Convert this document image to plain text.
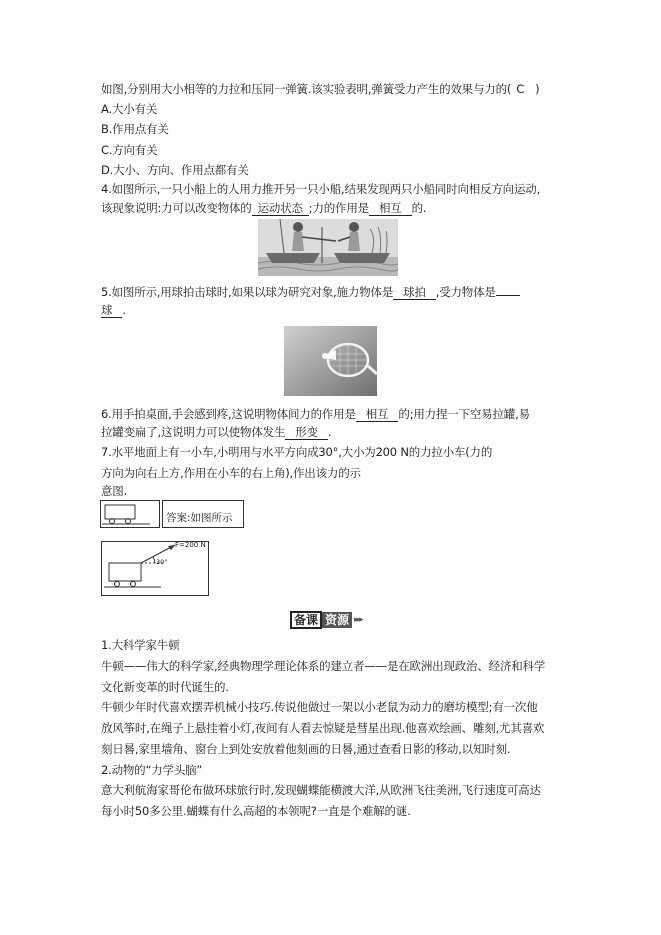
如图,分别用大小相等的力拉和压同一弹簧.该实验表明,弹簧受力产生的效果与力的( C )
A.大小有关
B.作用点有关
C.方向有关
D.大小、方向、作用点都有关
4.如图所示,一只小船上的人用力推开另一只小船,结果发现两只小船同时向相反方向运动,
该现象说明:力可以改变物体的 运动状态 ;力的作用是 相互 的.
5.如图所示,用球拍击球时,如果以球为研究对象,施力物体是 球拍 ,受力物体是
球 .
6.用手拍桌面,手会感到疼,这说明物体间力的作用是 相互 的;用力捏一下空易拉罐,易
拉罐变扁了,这说明力可以使物体发生 形变 .
7.水平地面上有一小车,小明用与水平方向成30°,大小为200 N的力拉小车(力的
方向为向右上方,作用在小车的右上角),作出该力的示
意图.
答案:如图所示
F=200 N
30°
备课 资源 ▸▸▸
1.大科学家牛顿
牛顿——伟大的科学家,经典物理学理论体系的建立者——是在欧洲出现政治、经济和科学
文化新变革的时代诞生的.
牛顿少年时代喜欢摆弄机械小技巧.传说他做过一架以小老鼠为动力的磨坊模型;有一次他
放风筝时,在绳子上悬挂着小灯,夜间有人看去惊疑是彗星出现.他喜欢绘画、雕刻,尤其喜欢
刻日晷,家里墙角、窗台上到处安放着他刻画的日晷,通过查看日影的移动,以知时刻.
2.动物的“力学头脑”
意大利航海家哥伦布做环球旅行时,发现蝴蝶能横渡大洋,从欧洲飞往美洲,飞行速度可高达
每小时50多公里.蝴蝶有什么高超的本领呢?一直是个难解的谜.
